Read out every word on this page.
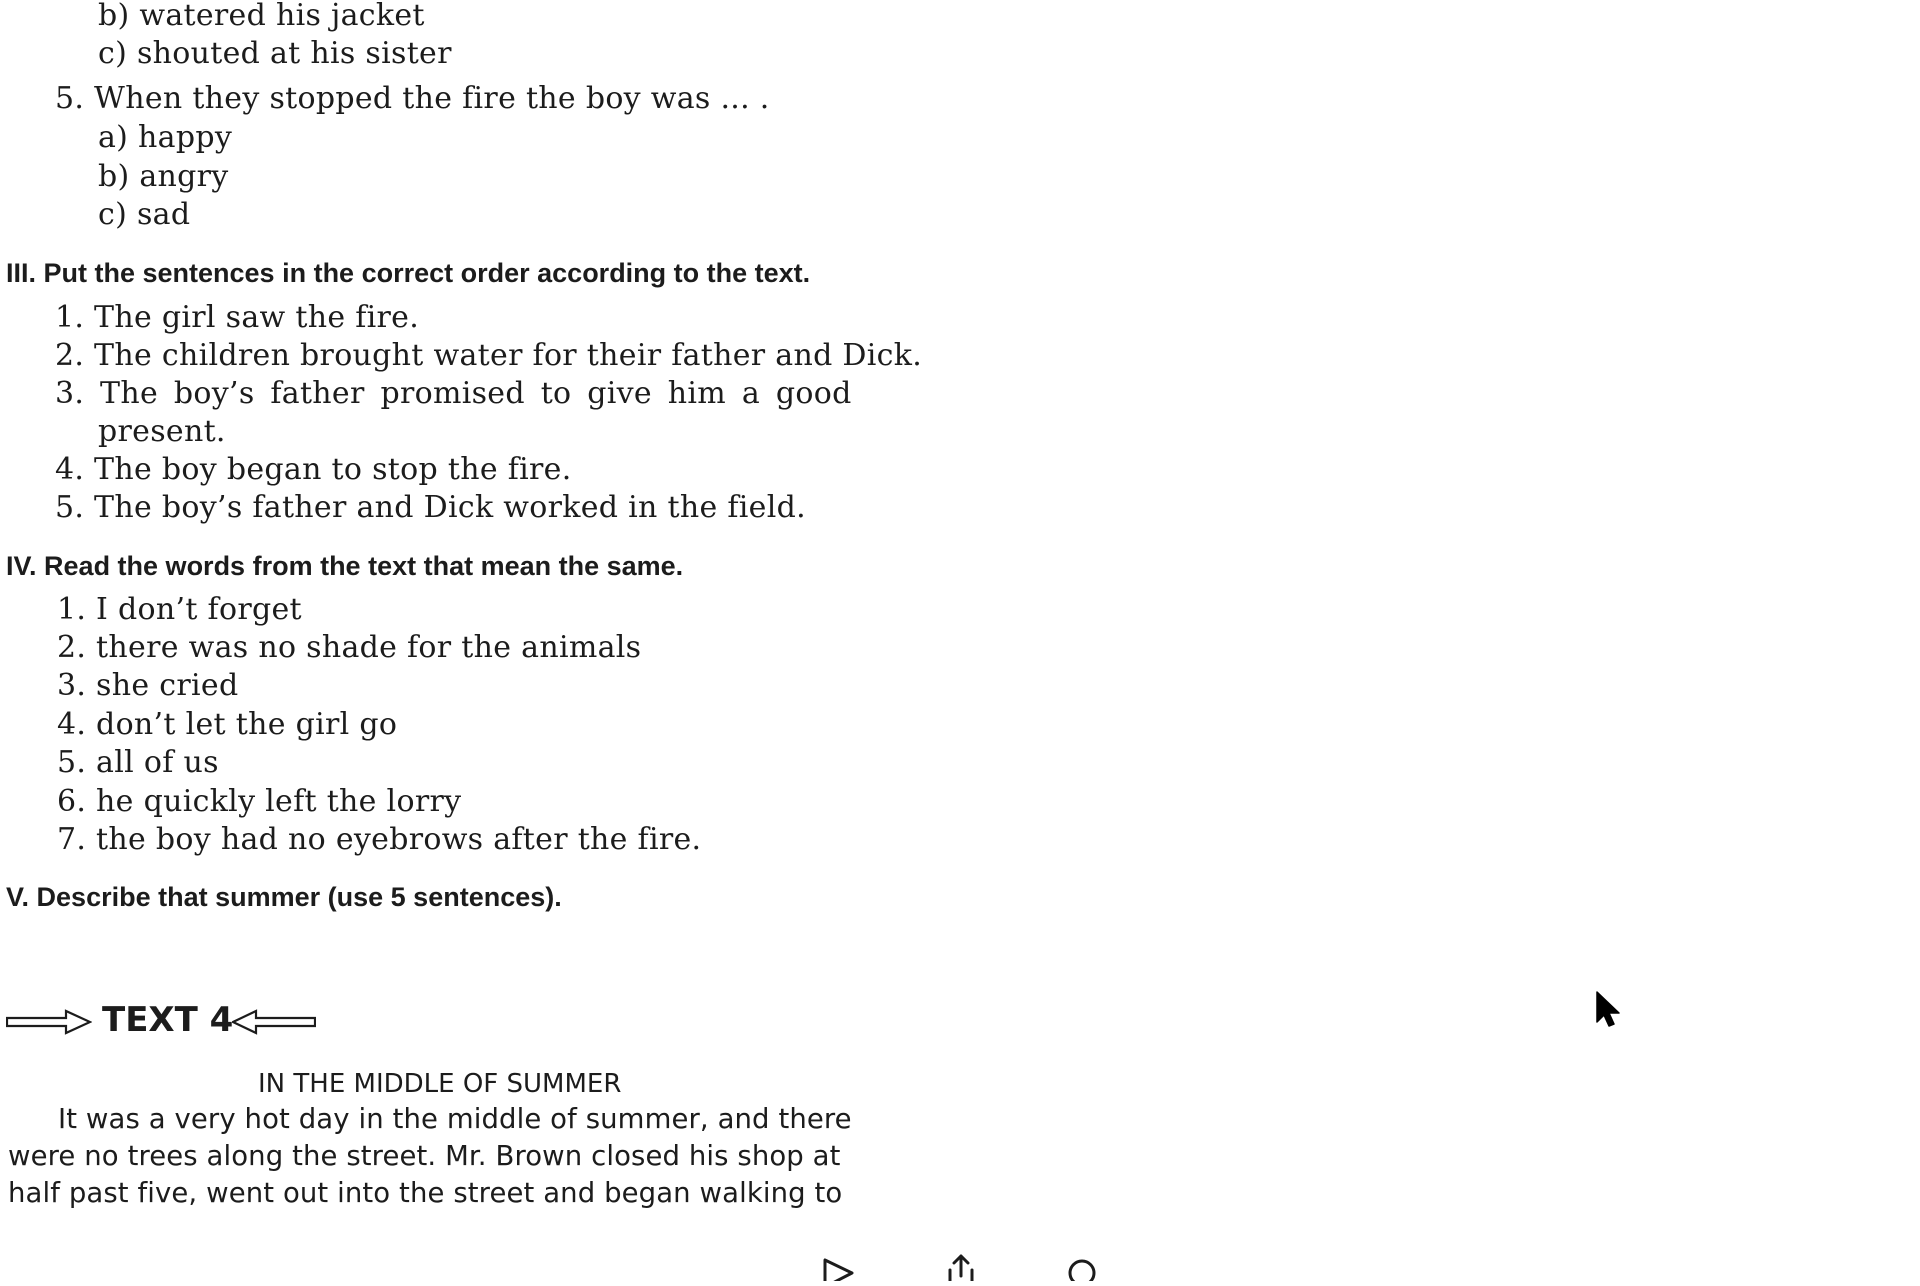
b) watered his jacket
c) shouted at his sister
5. When they stopped the fire the boy was ... .
a) happy
b) angry
c) sad
III. Put the sentences in the correct order according to the text.
1. The girl saw the fire.
2. The children brought water for their father and Dick.
3. The boy’s father promised to give him a good
present.
4. The boy began to stop the fire.
5. The boy’s father and Dick worked in the field.
IV. Read the words from the text that mean the same.
1. I don’t forget
2. there was no shade for the animals
3. she cried
4. don’t let the girl go
5. all of us
6. he quickly left the lorry
7. the boy had no eyebrows after the fire.
V. Describe that summer (use 5 sentences).
TEXT 4
IN THE MIDDLE OF SUMMER
It was a very hot day in the middle of summer, and there
were no trees along the street. Mr. Brown closed his shop at
half past five, went out into the street and began walking to
